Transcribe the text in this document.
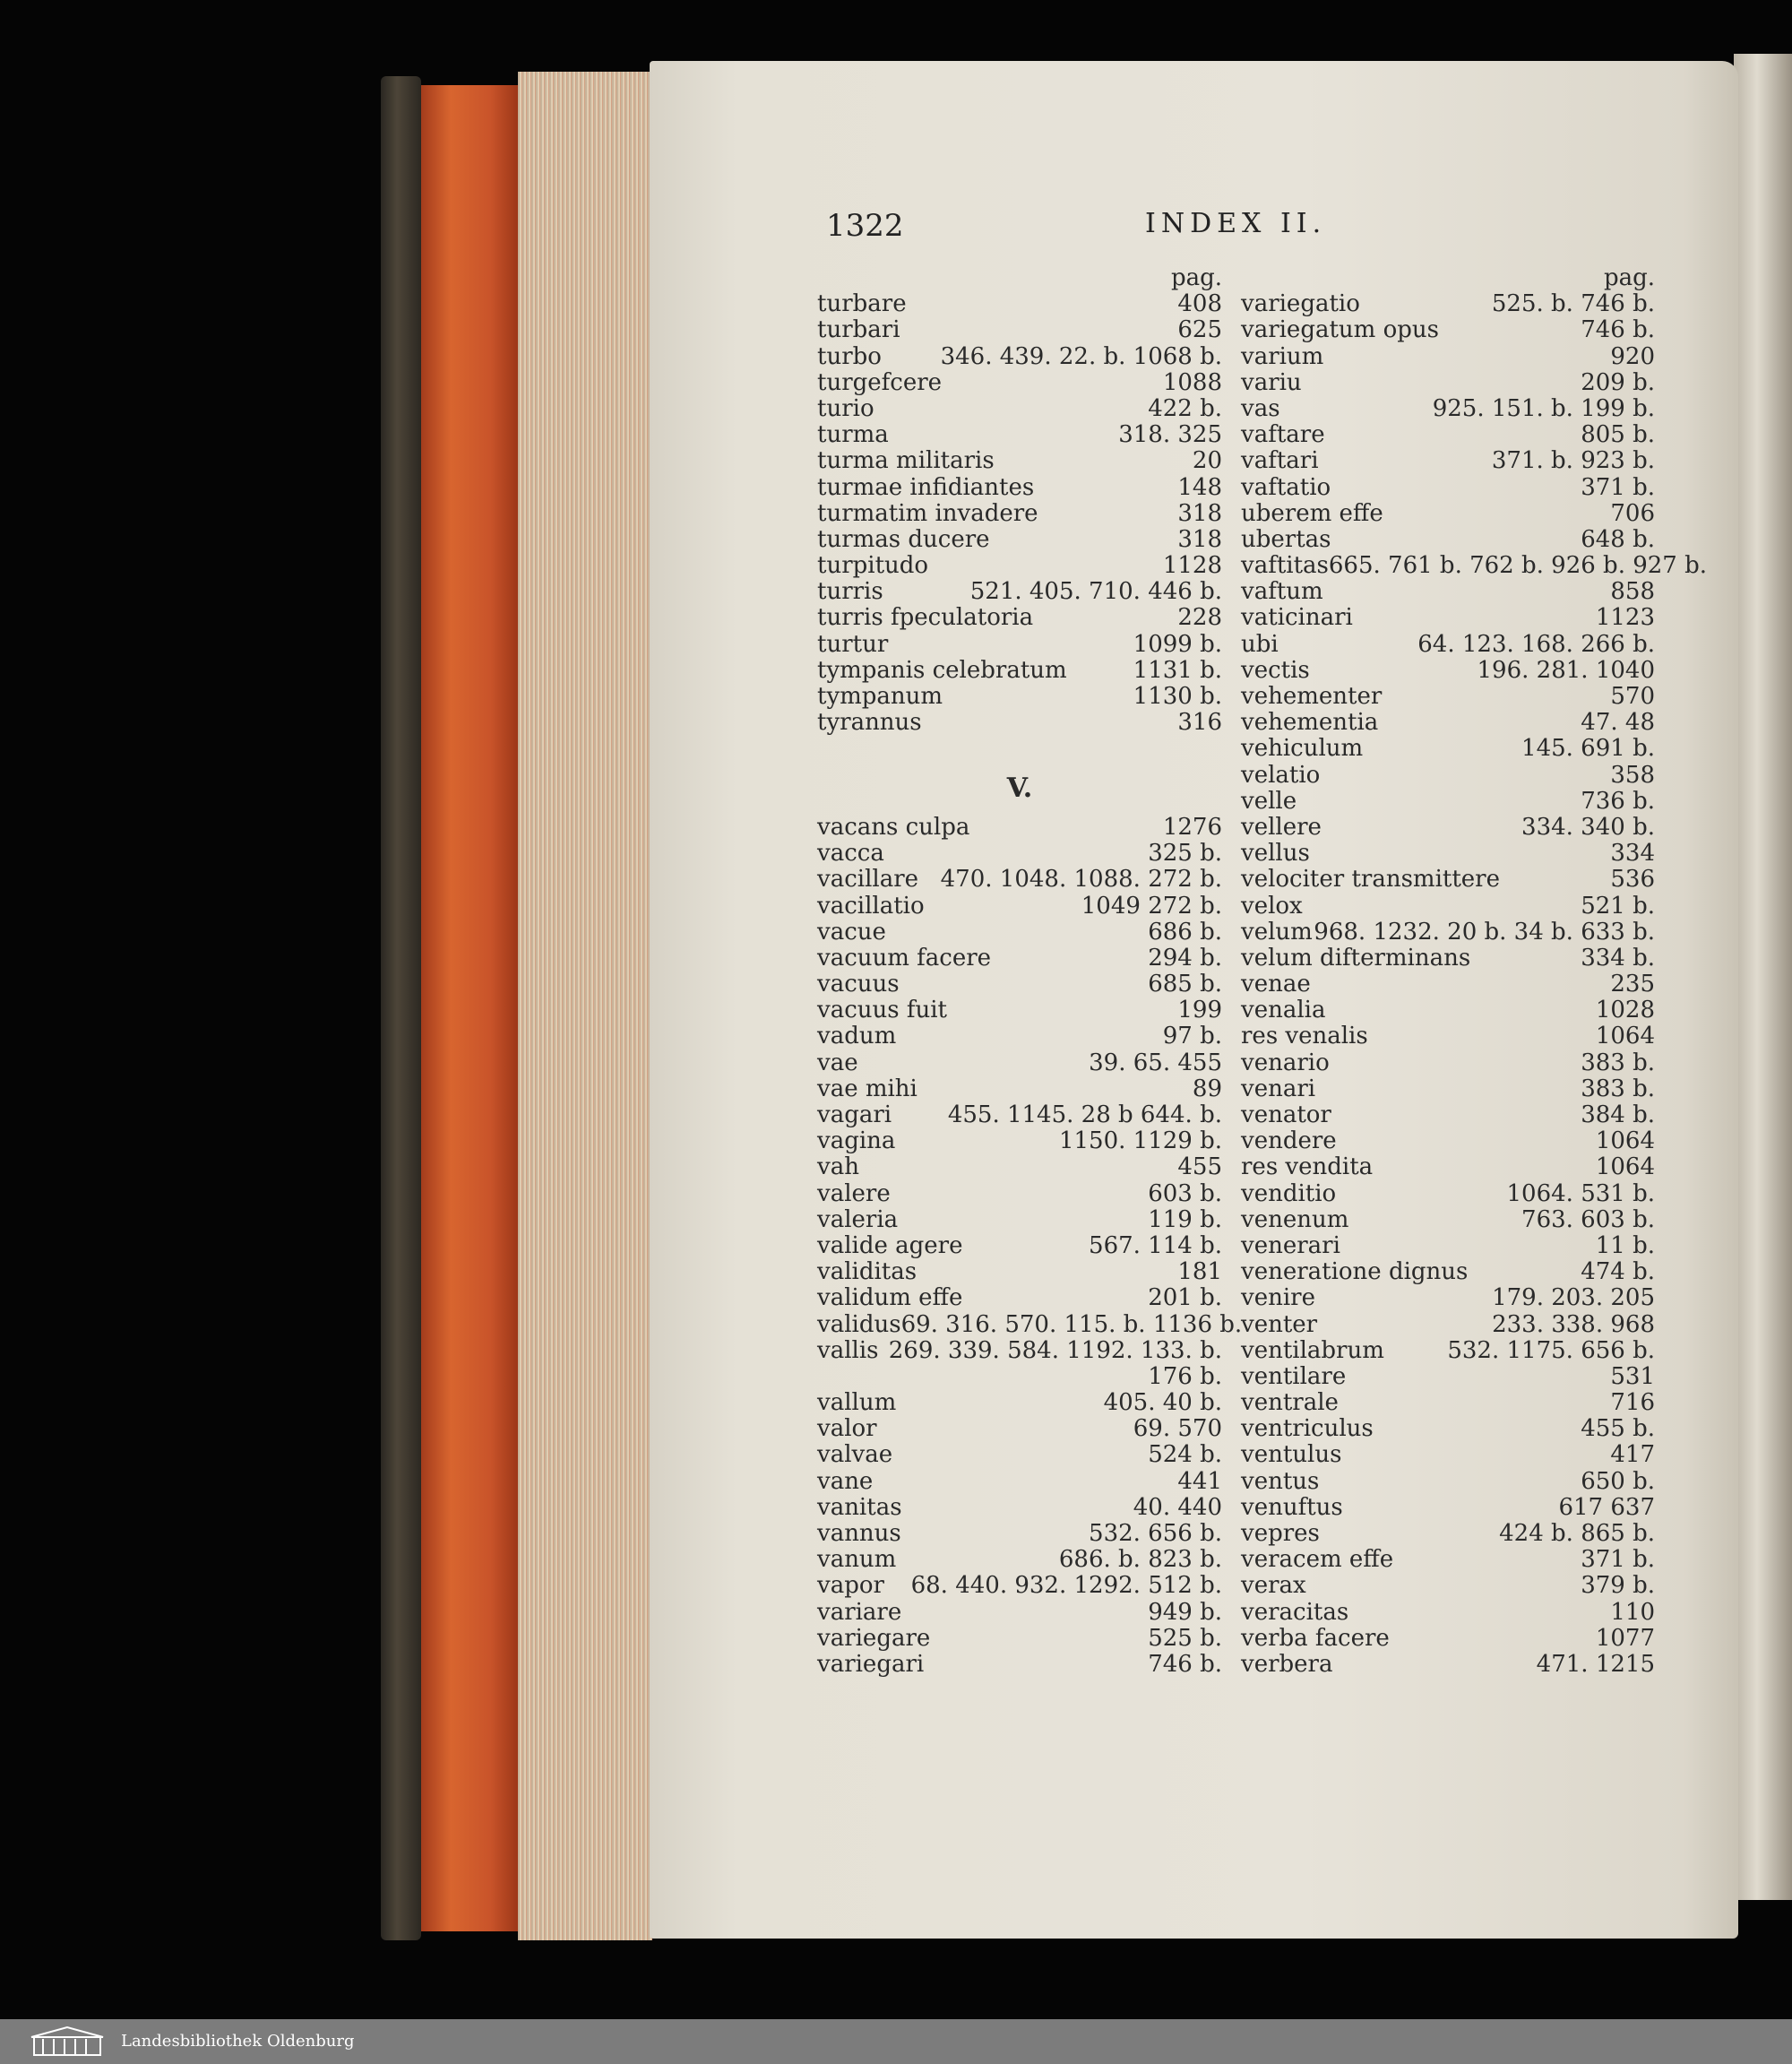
1322	INDEX II.
pag.
turbare	408
turbari	625
turbo	346. 439. 22. b. 1068 b.
turgefcere	1088
turio	422 b.
turma	318. 325
turma militaris	20
turmae infidiantes	148
turmatim invadere	318
turmas ducere	318
turpitudo	1128
turris	521. 405. 710. 446 b.
turris fpeculatoria	228
turtur	1099 b.
tympanis celebratum	1131 b.
tympanum	1130 b.
tyrannus	316
V.
vacans culpa	1276
vacca	325 b.
vacillare 470. 1048. 1088. 272 b.
vacillatio	1049 272 b.
vacue	686 b.
vacuum facere	294 b.
vacuus	685 b.
vacuus fuit	199
vadum	97 b.
vae	39. 65. 455
vae mihi	89
vagari 455. 1145. 28 b 644. b.
vagina	1150. 1129 b.
vah	455
valere	603 b.
valeria	119 b.
valide agere	567. 114 b.
validitas	181
validum effe	201 b.
validus 69. 316. 570. 115. b. 1136 b.
vallis 269. 339. 584. 1192. 133. b.
176 b.
vallum	405. 40 b.
valor	69. 570
valvae	524 b.
vane	441
vanitas	40. 440
vannus	532. 656 b.
vanum	686. b. 823 b.
vapor 68. 440. 932. 1292. 512 b.
variare	949 b.
variegare	525 b.
variegari	746 b.
pag.
variegatio	525. b. 746 b.
variegatum opus	746 b.
varium	920
variu	209 b.
vas	925. 151. b. 199 b.
vaftare	805 b.
vaftari	371. b. 923 b.
vaftatio	371 b.
uberem effe	706
ubertas	648 b.
vaftitas 665. 761 b. 762 b. 926 b. 927 b.
vaftum	858
vaticinari	1123
ubi	64. 123. 168. 266 b.
vectis	196. 281. 1040
vehementer	570
vehementia	47. 48
vehiculum	145. 691 b.
velatio	358
velle	736 b.
vellere	334. 340 b.
vellus	334
velociter transmittere	536
velox	521 b.
velum 968. 1232. 20 b. 34 b. 633 b.
velum difterminans	334 b.
venae	235
venalia	1028
res venalis	1064
venario	383 b.
venari	383 b.
venator	384 b.
vendere	1064
res vendita	1064
venditio	1064. 531 b.
venenum	763. 603 b.
venerari	11 b.
veneratione dignus	474 b.
venire	179. 203. 205
venter	233. 338. 968
ventilabrum	532. 1175. 656 b.
ventilare	531
ventrale	716
ventriculus	455 b.
ventulus	417
ventus	650 b.
venuftus	617 637
vepres	424 b. 865 b.
veracem effe	371 b.
verax	379 b.
veracitas	110
verba facere	1077
verbera	471. 1215
Landesbibliothek Oldenburg
